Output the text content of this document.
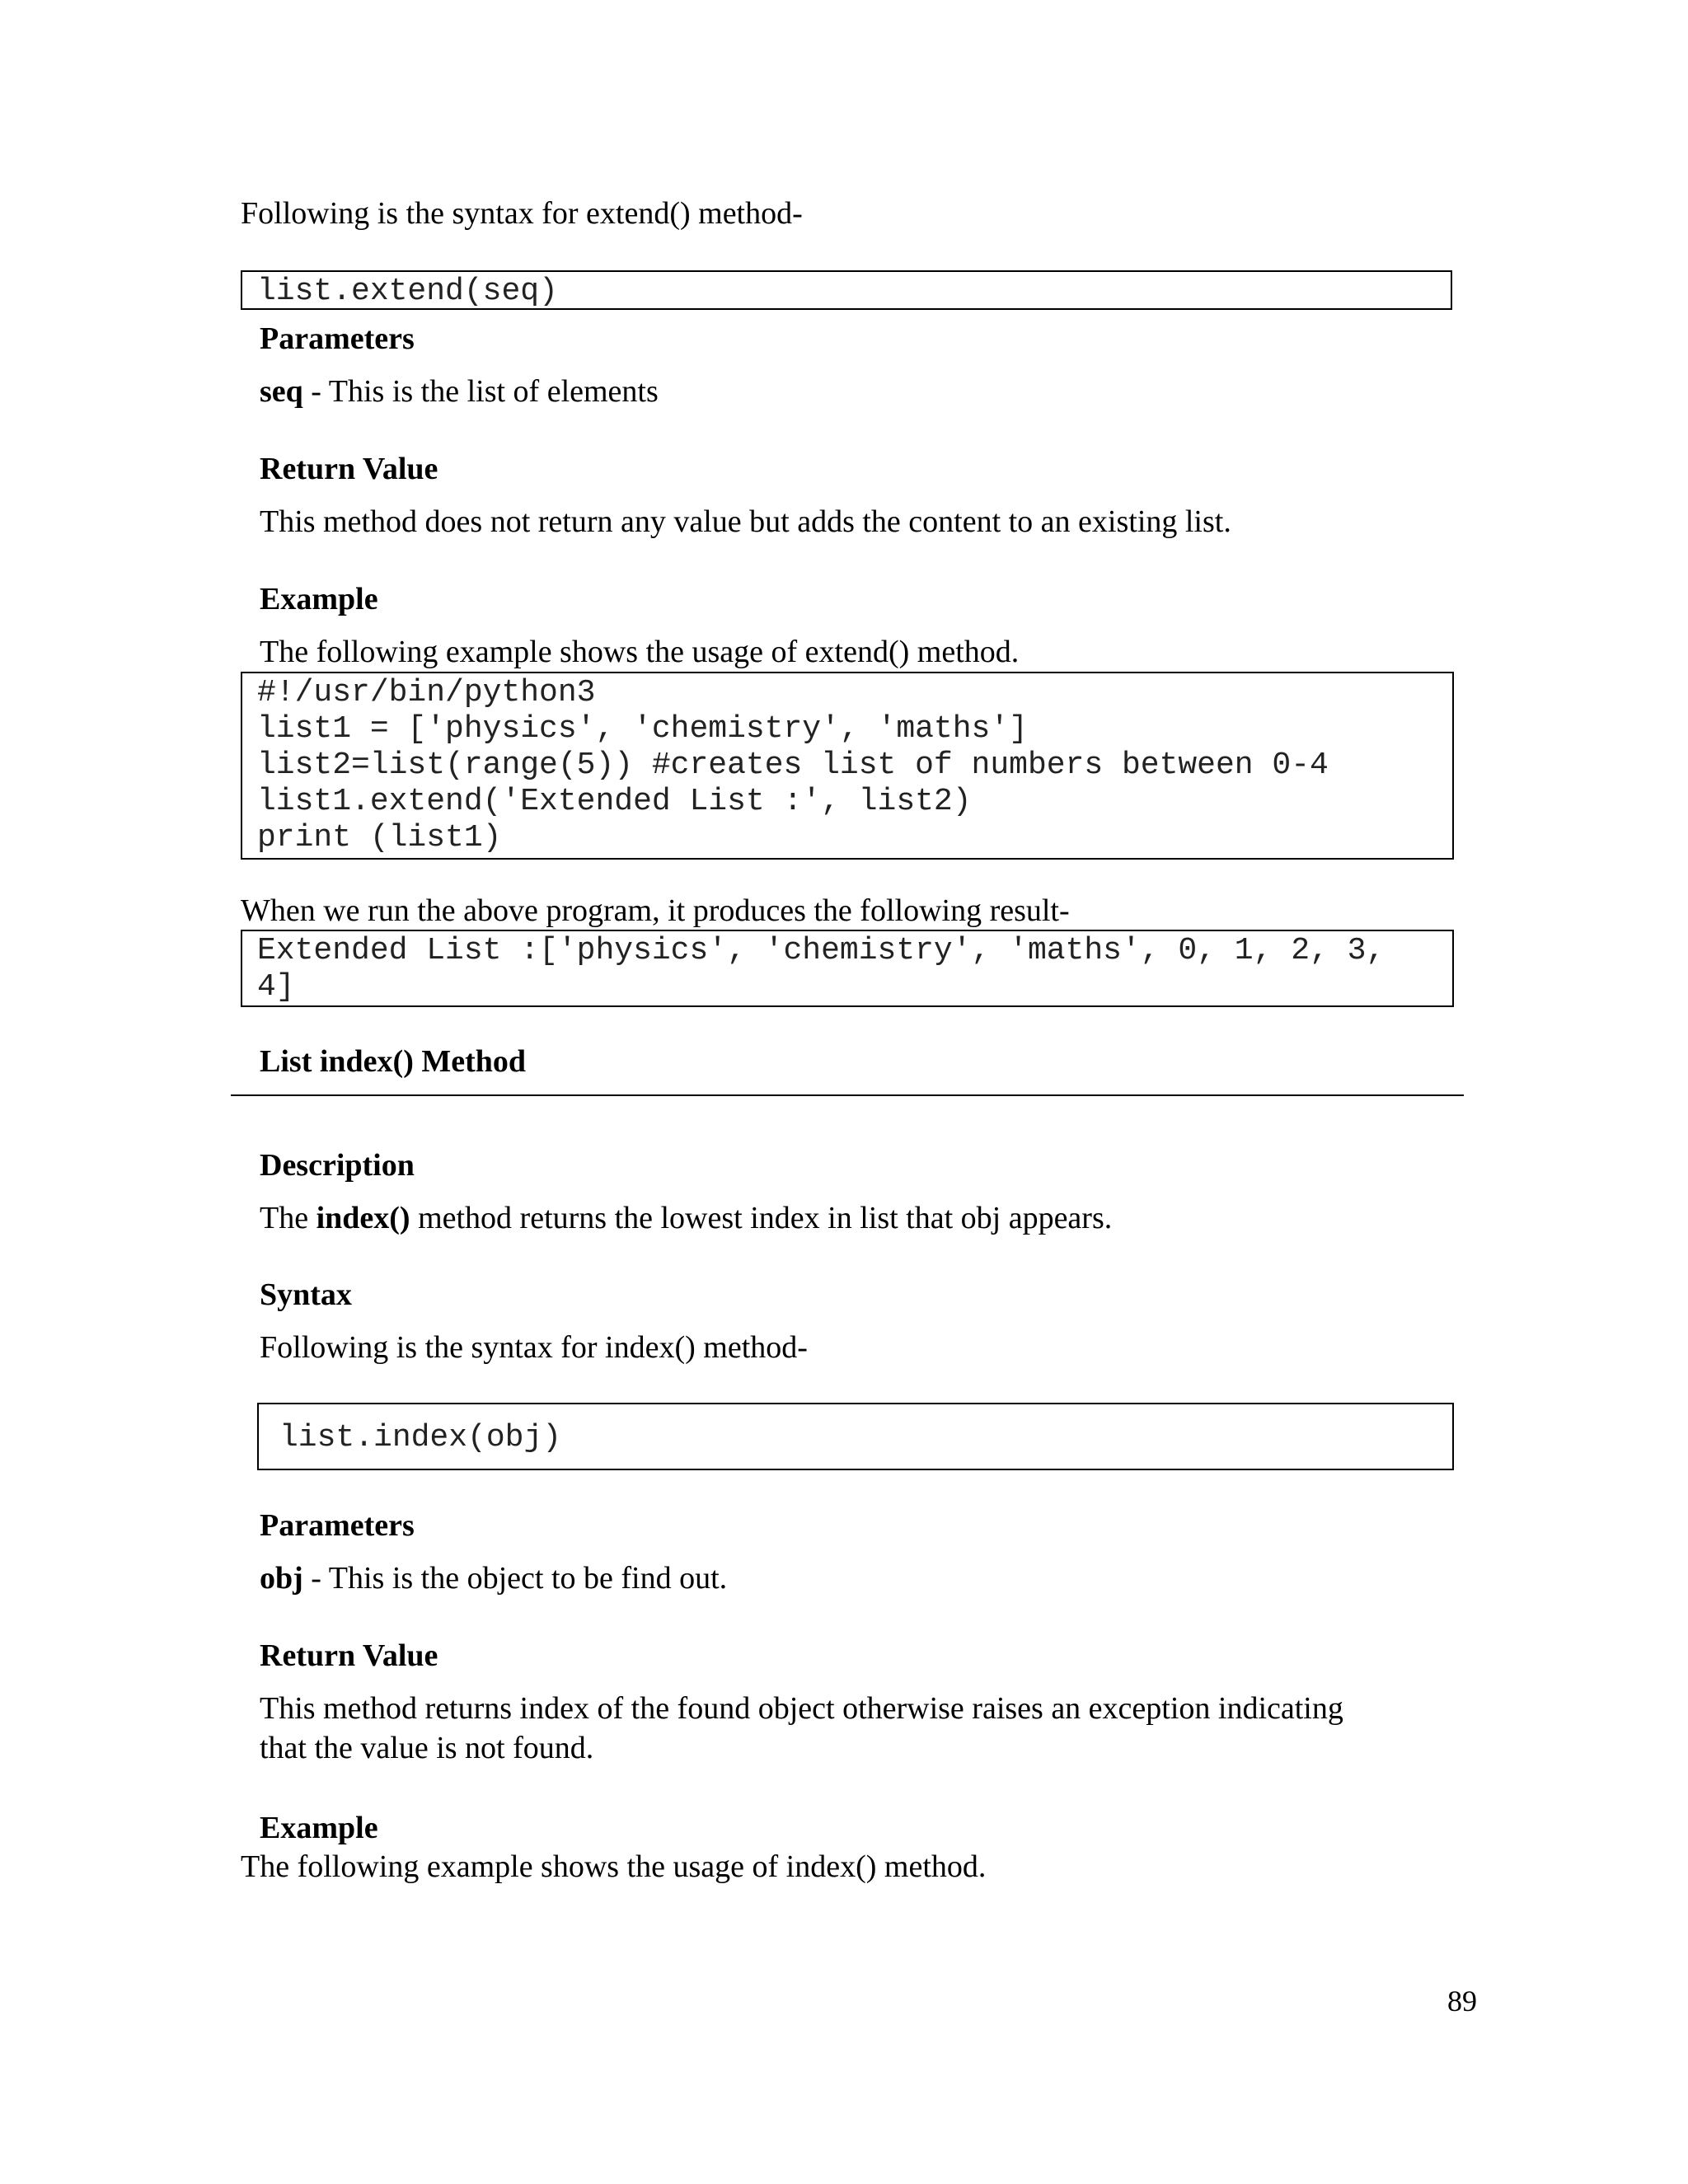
Following is the syntax for extend() method-
list.extend(seq)
Parameters
seq - This is the list of elements
Return Value
This method does not return any value but adds the content to an existing list.
Example
The following example shows the usage of extend() method.
#!/usr/bin/python3
list1 = ['physics', 'chemistry', 'maths']
list2=list(range(5)) #creates list of numbers between 0-4
list1.extend('Extended List :', list2)
print (list1)
When we run the above program, it produces the following result-
Extended List :['physics', 'chemistry', 'maths', 0, 1, 2, 3,
4]
List index() Method
Description
The index() method returns the lowest index in list that obj appears.
Syntax
Following is the syntax for index() method-
list.index(obj)
Parameters
obj - This is the object to be find out.
Return Value
This method returns index of the found object otherwise raises an exception indicating
that the value is not found.
Example
The following example shows the usage of index() method.
89
